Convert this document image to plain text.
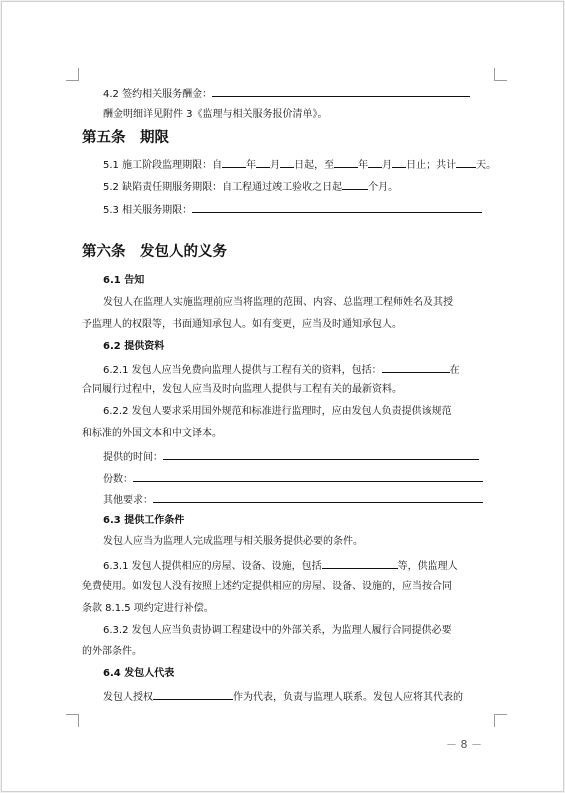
4.2 签约相关服务酬金：
酬金明细详见附件 3《监理与相关服务报价清单》。
第五条　期限
5.1 施工阶段监理期限：自 年 月 日起，至 年 月 日止；共计 天。
5.2 缺陷责任期服务期限：自工程通过竣工验收之日起	个月。
5.3 相关服务期限：
第六条　发包人的义务
6.1 告知
发包人在监理人实施监理前应当将监理的范围、内容、总监理工程师姓名及其授
予监理人的权限等，书面通知承包人。如有变更，应当及时通知承包人。
6.2 提供资料
6.2.1 发包人应当免费向监理人提供与工程有关的资料，包括：	在
合同履行过程中，发包人应当及时向监理人提供与工程有关的最新资料。
6.2.2 发包人要求采用国外规范和标准进行监理时，应由发包人负责提供该规范
和标准的外国文本和中文译本。
提供的时间：
份数：
其他要求：
6.3 提供工作条件
发包人应当为监理人完成监理与相关服务提供必要的条件。
6.3.1 发包人提供相应的房屋、设备、设施，包括	等，供监理人
免费使用。如发包人没有按照上述约定提供相应的房屋、设备、设施的，应当按合同
条款 8.1.5 项约定进行补偿。
6.3.2 发包人应当负责协调工程建设中的外部关系，为监理人履行合同提供必要
的外部条件。
6.4 发包人代表
发包人授权	作为代表，负责与监理人联系。发包人应将其代表的
－ 8 －
